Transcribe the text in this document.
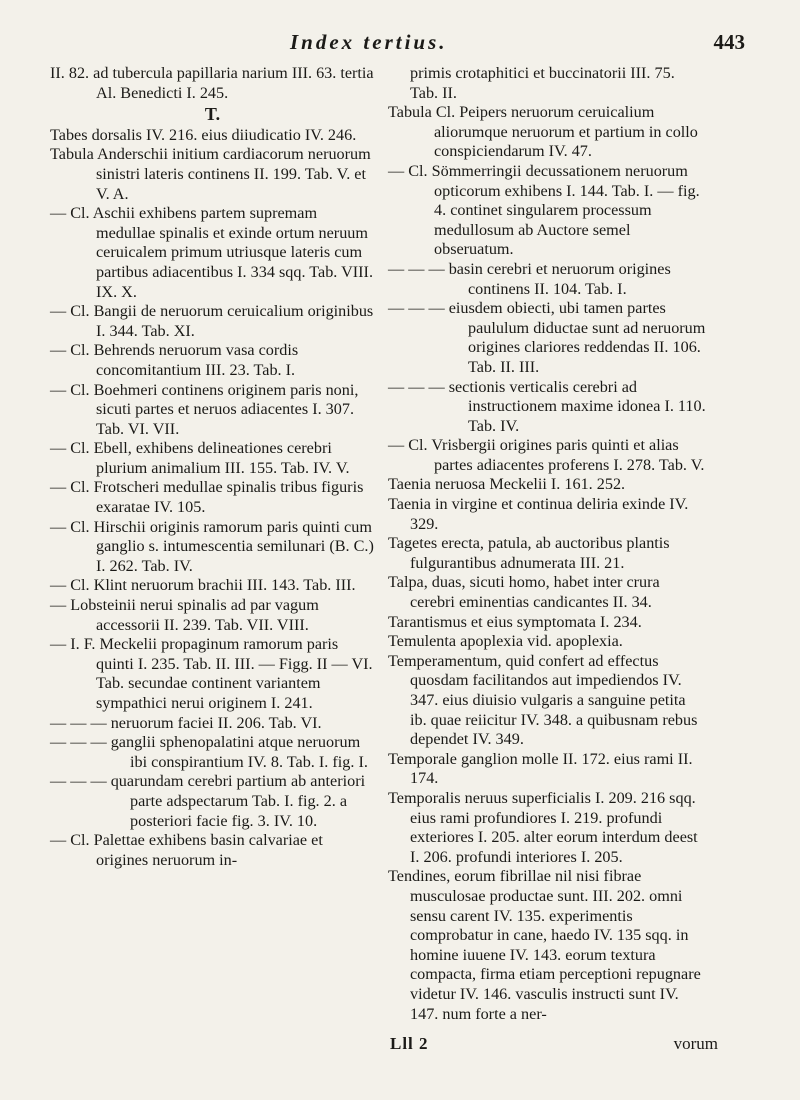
Index tertius.	443
II. 82. ad tubercula papillaria narium III. 63. tertia Al. Benedicti I. 245.
T.
Tabes dorsalis IV. 216. eius diiudicatio IV. 246.
Tabula Anderschii initium cardiacorum neruorum sinistri lateris continens II. 199. Tab. V. et V. A.
— Cl. Aschii exhibens partem supremam medullae spinalis et exinde ortum neruum ceruicalem primum utriusque lateris cum partibus adiacentibus I. 334 sqq. Tab. VIII. IX. X.
— Cl. Bangii de neruorum ceruicalium originibus I. 344. Tab. XI.
— Cl. Behrends neruorum vasa cordis concomitantium III. 23. Tab. I.
— Cl. Boehmeri continens originem paris noni, sicuti partes et neruos adiacentes I. 307. Tab. VI. VII.
— Cl. Ebell, exhibens delineationes cerebri plurium animalium III. 155. Tab. IV. V.
— Cl. Frotscheri medullae spinalis tribus figuris exaratae IV. 105.
— Cl. Hirschii originis ramorum paris quinti cum ganglio s. intumescentia semilunari (B. C.) I. 262. Tab. IV.
— Cl. Klint neruorum brachii III. 143. Tab. III.
— Lobsteinii nerui spinalis ad par vagum accessorii II. 239. Tab. VII. VIII.
— I. F. Meckelii propaginum ramorum paris quinti I. 235. Tab. II. III. — Figg. II — VI. Tab. secundae continent variantem sympathici nerui originem I. 241.
— — — neruorum faciei II. 206. Tab. VI.
— — — ganglii sphenopalatini atque neruorum ibi conspirantium IV. 8. Tab. I. fig. I.
— — — quarundam cerebri partium ab anteriori parte adspectarum Tab. I. fig. 2. a posteriori facie fig. 3. IV. 10.
— Cl. Palettae exhibens basin calvariae et origines neruorum in-
primis crotaphitici et buccinatorii III. 75. Tab. II.
Tabula Cl. Peipers neruorum ceruicalium aliorumque neruorum et partium in collo conspiciendarum IV. 47.
— Cl. Sömmerringii decussationem neruorum opticorum exhibens I. 144. Tab. I. — fig. 4. continet singularem processum medullosum ab Auctore semel obseruatum.
— — — basin cerebri et neruorum origines continens II. 104. Tab. I.
— — — eiusdem obiecti, ubi tamen partes paululum diductae sunt ad neruorum origines clariores reddendas II. 106. Tab. II. III.
— — — sectionis verticalis cerebri ad instructionem maxime idonea I. 110. Tab. IV.
— Cl. Vrisbergii origines paris quinti et alias partes adiacentes proferens I. 278. Tab. V.
Taenia neruosa Meckelii I. 161. 252.
Taenia in virgine et continua deliria exinde IV. 329.
Tagetes erecta, patula, ab auctoribus plantis fulgurantibus adnumerata III. 21.
Talpa, duas, sicuti homo, habet inter crura cerebri eminentias candicantes II. 34.
Tarantismus et eius symptomata I. 234.
Temulenta apoplexia vid. apoplexia.
Temperamentum, quid confert ad effectus quosdam facilitandos aut impediendos IV. 347. eius diuisio vulgaris a sanguine petita ib. quae reiicitur IV. 348. a quibusnam rebus dependet IV. 349.
Temporale ganglion molle II. 172. eius rami II. 174.
Temporalis neruus superficialis I. 209. 216 sqq. eius rami profundiores I. 219. profundi exteriores I. 205. alter eorum interdum deest I. 206. profundi interiores I. 205.
Tendines, eorum fibrillae nil nisi fibrae musculosae productae sunt. III. 202. omni sensu carent IV. 135. experimentis comprobatur in cane, haedo IV. 135 sqq. in homine iuuene IV. 143. eorum textura compacta, firma etiam perceptioni repugnare videtur IV. 146. vasculis instructi sunt IV. 147. num forte a ner-
Lll 2	vorum
